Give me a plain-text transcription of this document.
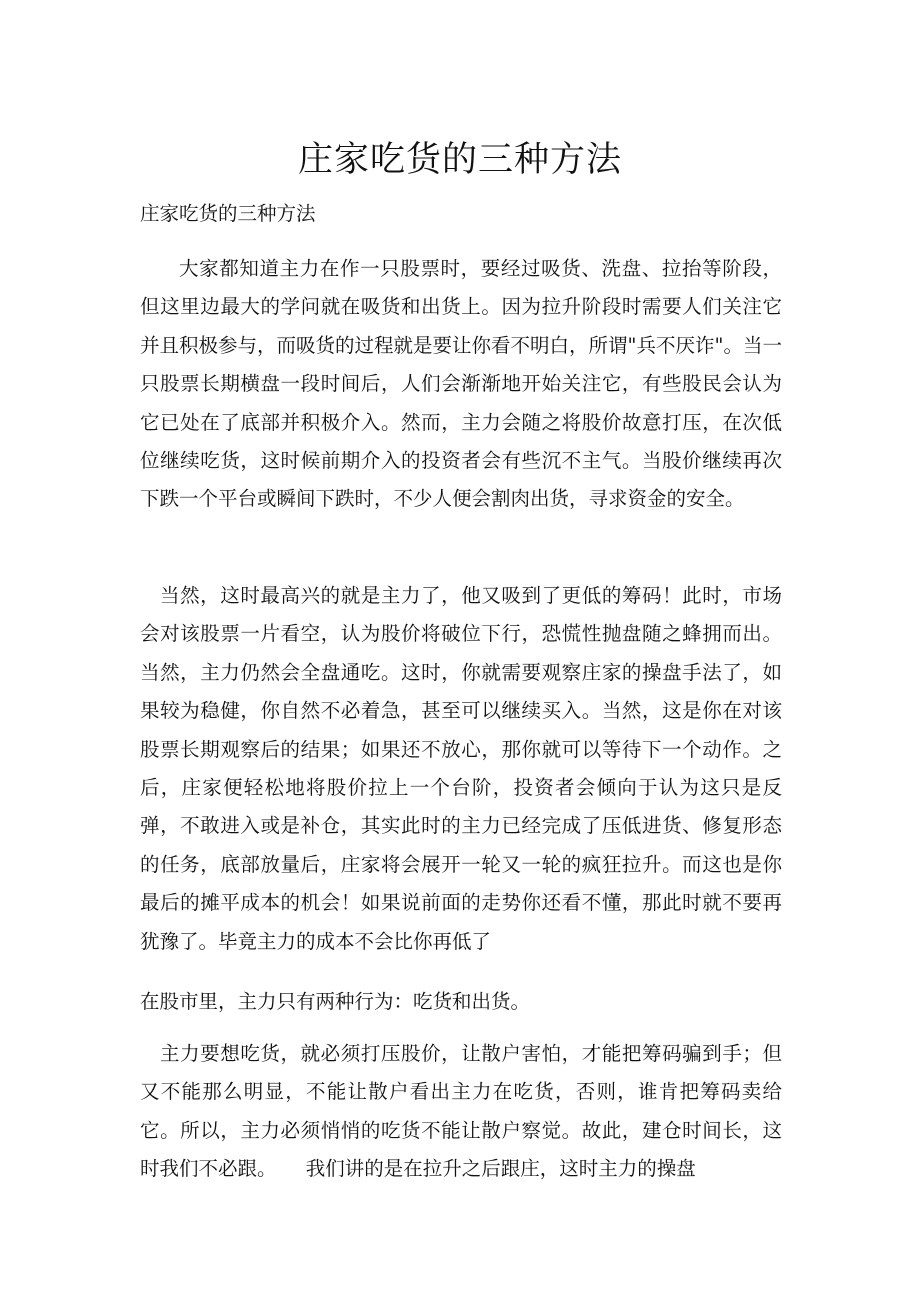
庄家吃货的三种方法
庄家吃货的三种方法

大家都知道主力在作一只股票时，要经过吸货、洗盘、拉抬等阶段，但这里边最大的学问就在吸货和出货上。因为拉升阶段时需要人们关注它并且积极参与，而吸货的过程就是要让你看不明白，所谓"兵不厌诈"。当一只股票长期横盘一段时间后，人们会渐渐地开始关注它，有些股民会认为它已处在了底部并积极介入。然而，主力会随之将股价故意打压，在次低位继续吃货，这时候前期介入的投资者会有些沉不主气。当股价继续再次下跌一个平台或瞬间下跌时，不少人便会割肉出货，寻求资金的安全。

当然，这时最高兴的就是主力了，他又吸到了更低的筹码！此时，市场会对该股票一片看空，认为股价将破位下行，恐慌性抛盘随之蜂拥而出。当然，主力仍然会全盘通吃。这时，你就需要观察庄家的操盘手法了，如果较为稳健，你自然不必着急，甚至可以继续买入。当然，这是你在对该股票长期观察后的结果；如果还不放心，那你就可以等待下一个动作。之后，庄家便轻松地将股价拉上一个台阶，投资者会倾向于认为这只是反弹，不敢进入或是补仓，其实此时的主力已经完成了压低进货、修复形态的任务，底部放量后，庄家将会展开一轮又一轮的疯狂拉升。而这也是你最后的摊平成本的机会！如果说前面的走势你还看不懂，那此时就不要再犹豫了。毕竟主力的成本不会比你再低了

在股市里，主力只有两种行为：吃货和出货。

主力要想吃货，就必须打压股价，让散户害怕，才能把筹码骗到手；但又不能那么明显，不能让散户看出主力在吃货，否则，谁肯把筹码卖给它。所以，主力必须悄悄的吃货不能让散户察觉。故此，建仓时间长，这时我们不必跟。　　我们讲的是在拉升之后跟庄，这时主力的操盘
